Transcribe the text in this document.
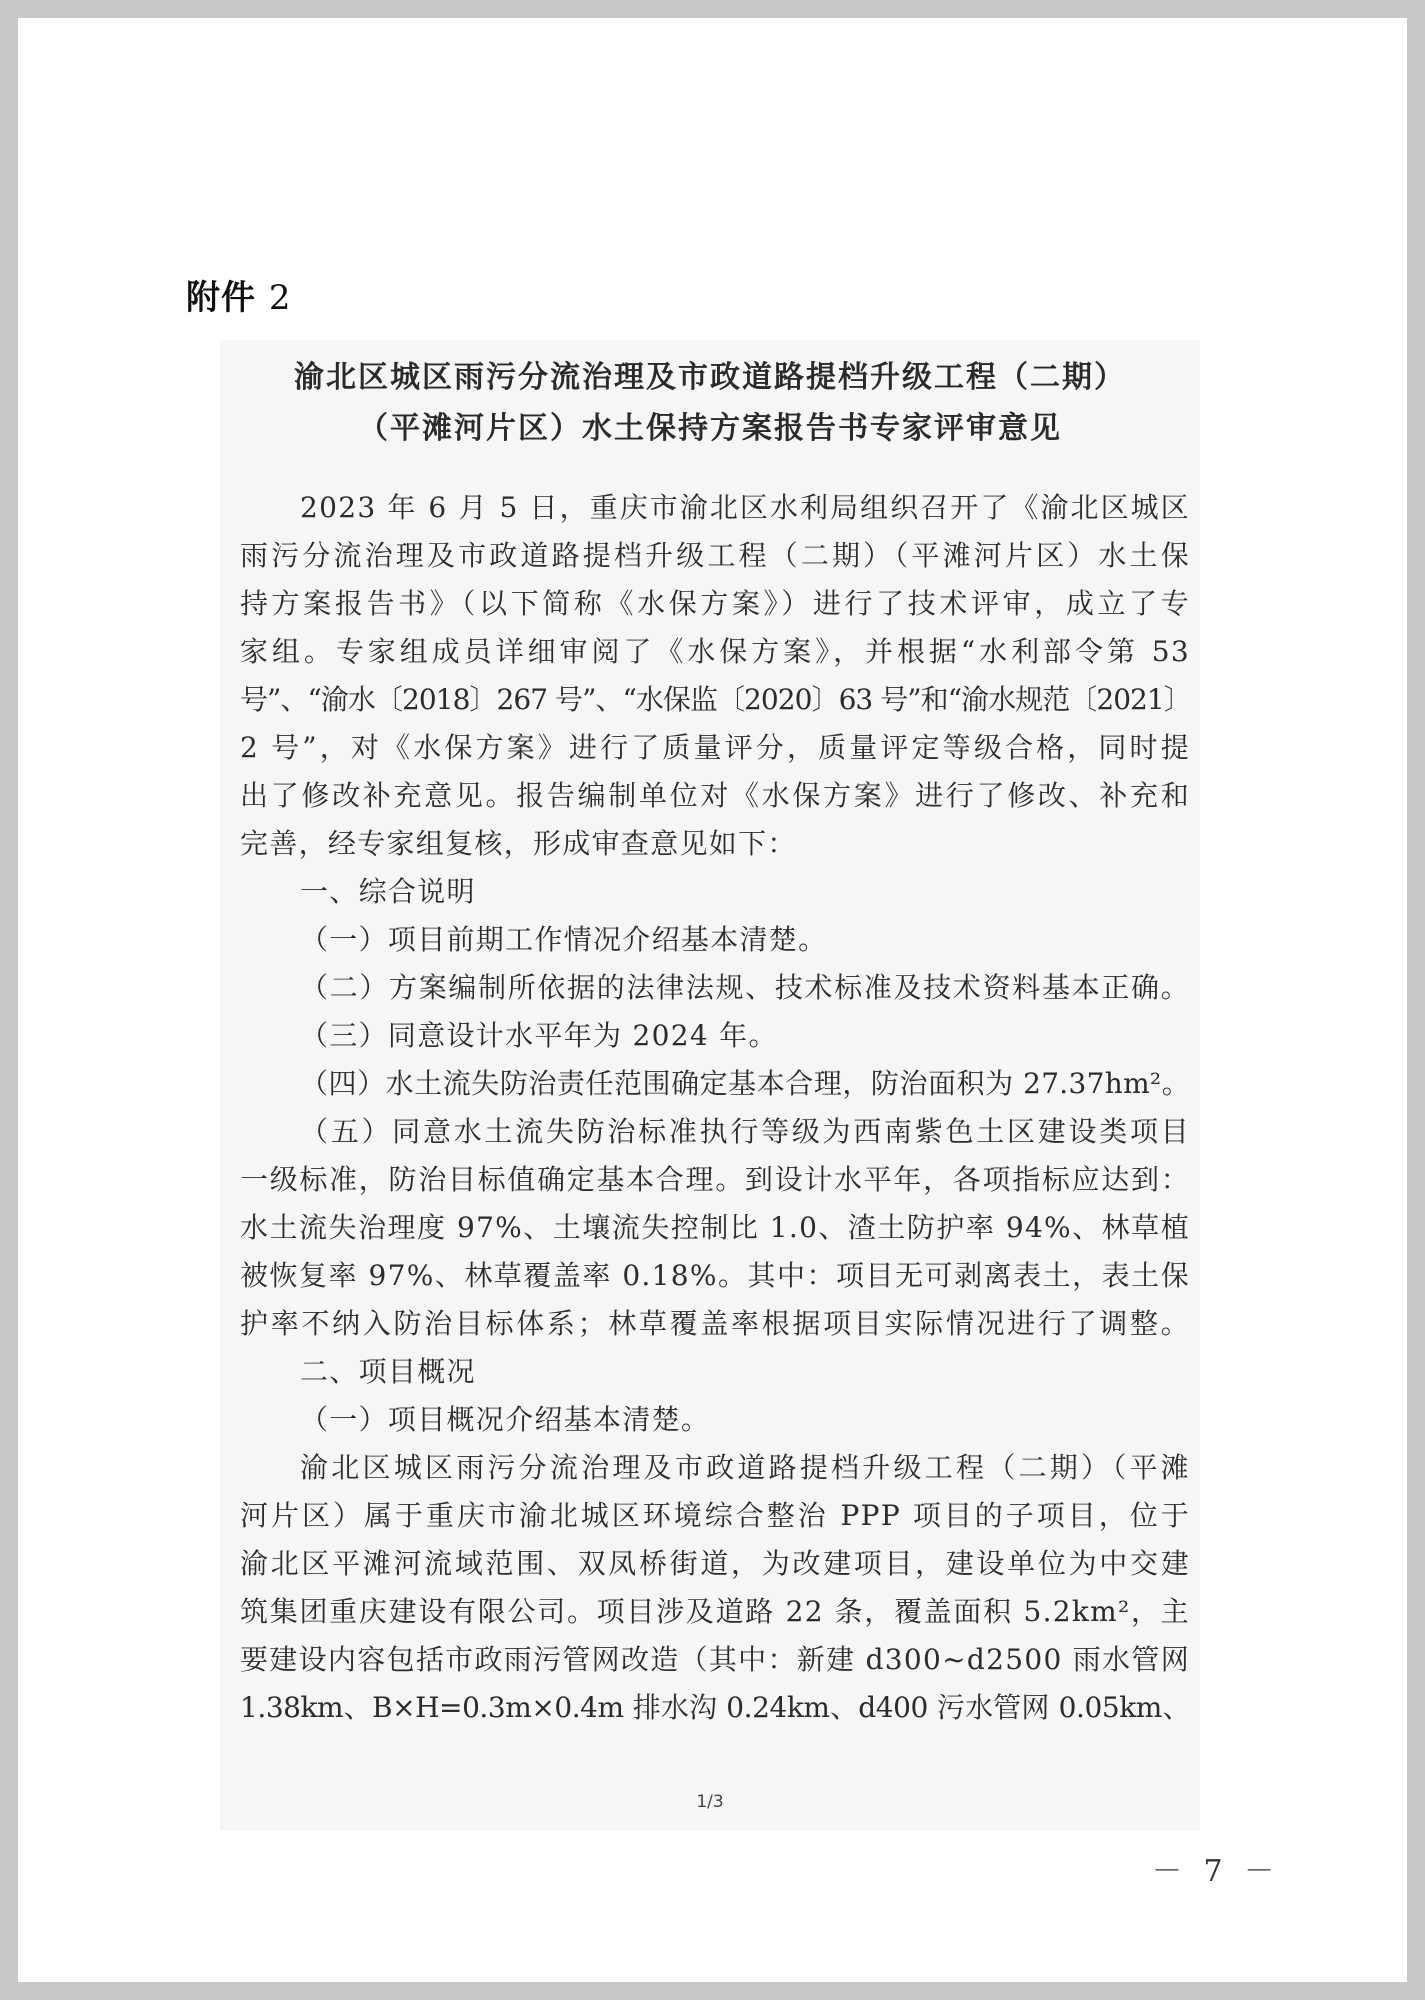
附件 2
渝北区城区雨污分流治理及市政道路提档升级工程（二期）
（平滩河片区）水土保持方案报告书专家评审意见
2023 年 6 月 5 日，重庆市渝北区水利局组织召开了《渝北区城区
雨污分流治理及市政道路提档升级工程（二期）（平滩河片区）水土保
持方案报告书》（以下简称《水保方案》）进行了技术评审，成立了专
家组。专家组成员详细审阅了《水保方案》，并根据“水利部令第 53
号”、“渝水〔2018〕267 号”、“水保监〔2020〕63 号”和“渝水规范〔2021〕
2 号”，对《水保方案》进行了质量评分，质量评定等级合格，同时提
出了修改补充意见。报告编制单位对《水保方案》进行了修改、补充和
完善，经专家组复核，形成审查意见如下：
一、综合说明
（一）项目前期工作情况介绍基本清楚。
（二）方案编制所依据的法律法规、技术标准及技术资料基本正确。
（三）同意设计水平年为 2024 年。
（四）水土流失防治责任范围确定基本合理，防治面积为 27.37hm²。
（五）同意水土流失防治标准执行等级为西南紫色土区建设类项目
一级标准，防治目标值确定基本合理。到设计水平年，各项指标应达到：
水土流失治理度 97%、土壤流失控制比 1.0、渣土防护率 94%、林草植
被恢复率 97%、林草覆盖率 0.18%。其中：项目无可剥离表土，表土保
护率不纳入防治目标体系；林草覆盖率根据项目实际情况进行了调整。
二、项目概况
（一）项目概况介绍基本清楚。
渝北区城区雨污分流治理及市政道路提档升级工程（二期）（平滩
河片区）属于重庆市渝北城区环境综合整治 PPP 项目的子项目，位于
渝北区平滩河流域范围、双凤桥街道，为改建项目，建设单位为中交建
筑集团重庆建设有限公司。项目涉及道路 22 条，覆盖面积 5.2km²，主
要建设内容包括市政雨污管网改造（其中：新建 d300~d2500 雨水管网
1.38km、B×H=0.3m×0.4m 排水沟 0.24km、d400 污水管网 0.05km、
1/3
－ 7 －
